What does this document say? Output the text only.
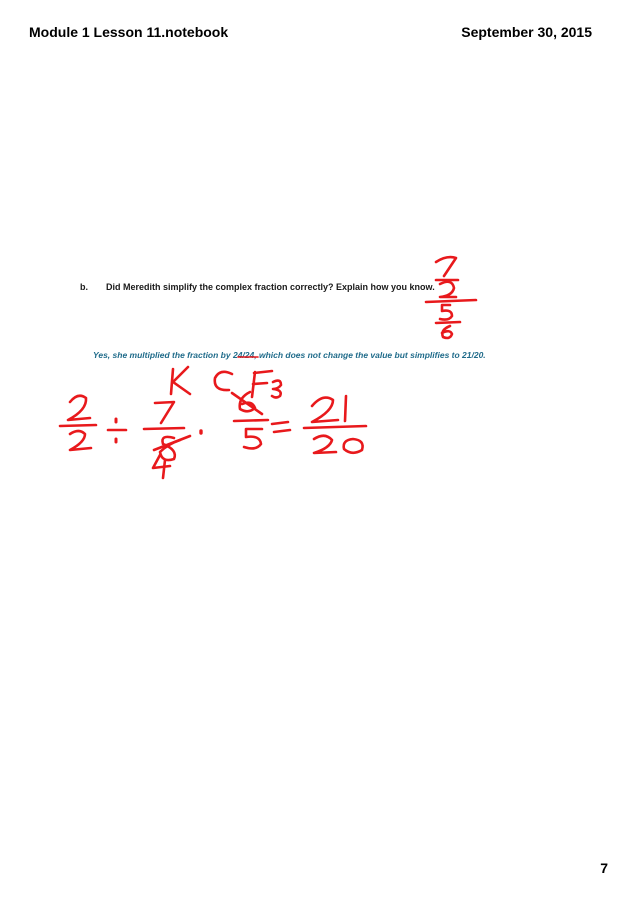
Module 1 Lesson 11.notebook	September 30, 2015
b. Did Meredith simplify the complex fraction correctly? Explain how you know.
Yes, she multiplied the fraction by 24/24, which does not change the value but simplifies to 21/20.
7
